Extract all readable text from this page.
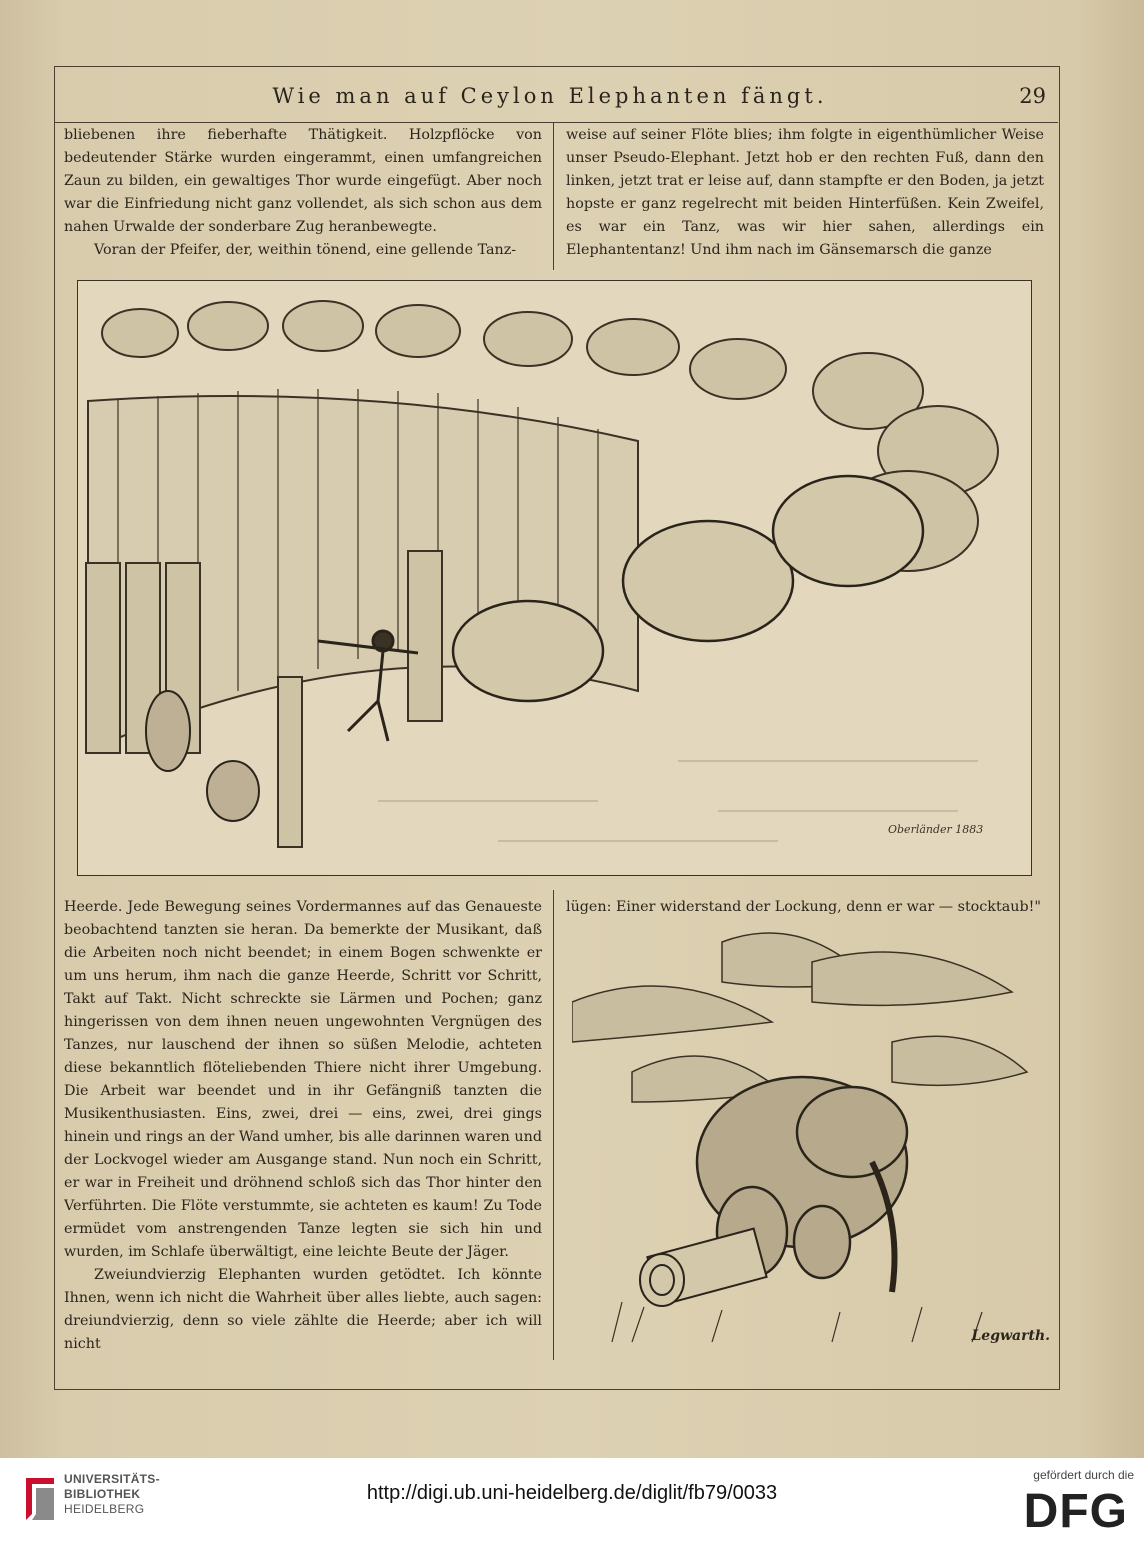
Wie man auf Ceylon Elephanten fängt.	29

bliebenen ihre fieberhafte Thätigkeit. Holzpflöcke von bedeutender Stärke wurden eingerammt, einen umfangreichen Zaun zu bilden, ein gewaltiges Thor wurde eingefügt. Aber noch war die Einfriedung nicht ganz vollendet, als sich schon aus dem nahen Urwalde der sonderbare Zug heranbewegte.

Voran der Pfeifer, der, weithin tönend, eine gellende Tanz-

weise auf seiner Flöte blies; ihm folgte in eigenthümlicher Weise unser Pseudo-Elephant. Jetzt hob er den rechten Fuß, dann den linken, jetzt trat er leise auf, dann stampfte er den Boden, ja jetzt hopste er ganz regelrecht mit beiden Hinterfüßen. Kein Zweifel, es war ein Tanz, was wir hier sahen, allerdings ein Elephantentanz! Und ihm nach im Gänsemarsch die ganze

Oberländer 1883

Heerde. Jede Bewegung seines Vordermannes auf das Genaueste beobachtend tanzten sie heran. Da bemerkte der Musikant, daß die Arbeiten noch nicht beendet; in einem Bogen schwenkte er um uns herum, ihm nach die ganze Heerde, Schritt vor Schritt, Takt auf Takt. Nicht schreckte sie Lärmen und Pochen; ganz hingerissen von dem ihnen neuen ungewohnten Vergnügen des Tanzes, nur lauschend der ihnen so süßen Melodie, achteten diese bekanntlich flöteliebenden Thiere nicht ihrer Umgebung. Die Arbeit war beendet und in ihr Gefängniß tanzten die Musikenthusiasten. Eins, zwei, drei — eins, zwei, drei gings hinein und rings an der Wand umher, bis alle darinnen waren und der Lockvogel wieder am Ausgange stand. Nun noch ein Schritt, er war in Freiheit und dröhnend schloß sich das Thor hinter den Verführten. Die Flöte verstummte, sie achteten es kaum! Zu Tode ermüdet vom anstrengenden Tanze legten sie sich hin und wurden, im Schlafe überwältigt, eine leichte Beute der Jäger.

Zweiundvierzig Elephanten wurden getödtet. Ich könnte Ihnen, wenn ich nicht die Wahrheit über alles liebte, auch sagen: dreiundvierzig, denn so viele zählte die Heerde; aber ich will nicht

lügen: Einer widerstand der Lockung, denn er war — stocktaub!"

Legwarth.
UNIVERSITÄTS-
BIBLIOTHEK
HEIDELBERG
http://digi.ub.uni-heidelberg.de/diglit/fb79/0033
gefördert durch die
DFG
